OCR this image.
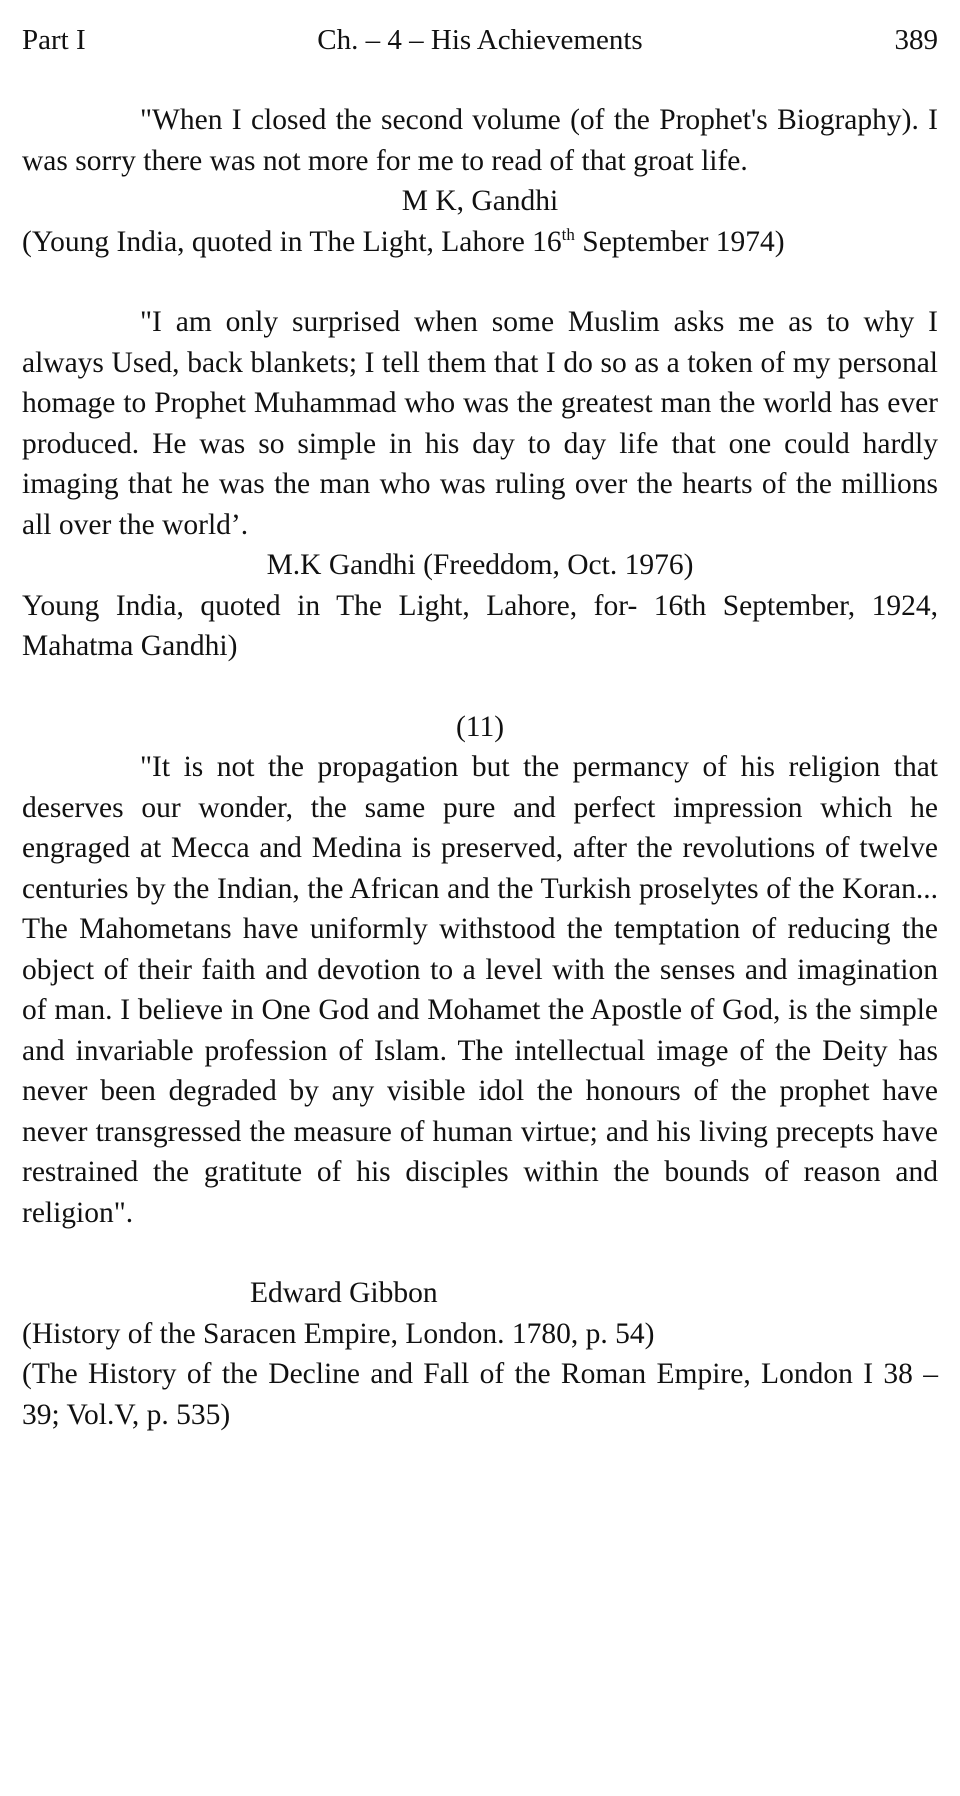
Part I	Ch. – 4 – His Achievements	389

"When I closed the second volume (of the Prophet's Biography). I was sorry there was not more for me to read of that groat life.

M K, Gandhi

(Young India, quoted in The Light, Lahore 16th September 1974)

"I am only surprised when some Muslim asks me as to why I always Used, back blankets; I tell them that I do so as a token of my personal homage to Prophet Muhammad who was the greatest man the world has ever produced. He was so simple in his day to day life that one could hardly imaging that he was the man who was ruling over the hearts of the millions all over the world’.

M.K Gandhi (Freeddom, Oct. 1976)

Young India, quoted in The Light, Lahore, for- 16th September, 1924, Mahatma Gandhi)

(11)

"It is not the propagation but the permancy of his religion that deserves our wonder, the same pure and perfect impression which he engraged at Mecca and Medina is preserved, after the revolutions of twelve centuries by the Indian, the African and the Turkish proselytes of the Koran... The Mahometans have uniformly withstood the temptation of reducing the object of their faith and devotion to a level with the senses and imagination of man. I believe in One God and Mohamet the Apostle of God, is the simple and invariable profession of Islam. The intellectual image of the Deity has never been degraded by any visible idol the honours of the prophet have never transgressed the measure of human virtue; and his living precepts have restrained the gratitute of his disciples within the bounds of reason and religion".

Edward Gibbon

(History of the Saracen Empire, London. 1780, p. 54)

(The History of the Decline and Fall of the Roman Empire, London I 38 – 39; Vol.V, p. 535)
